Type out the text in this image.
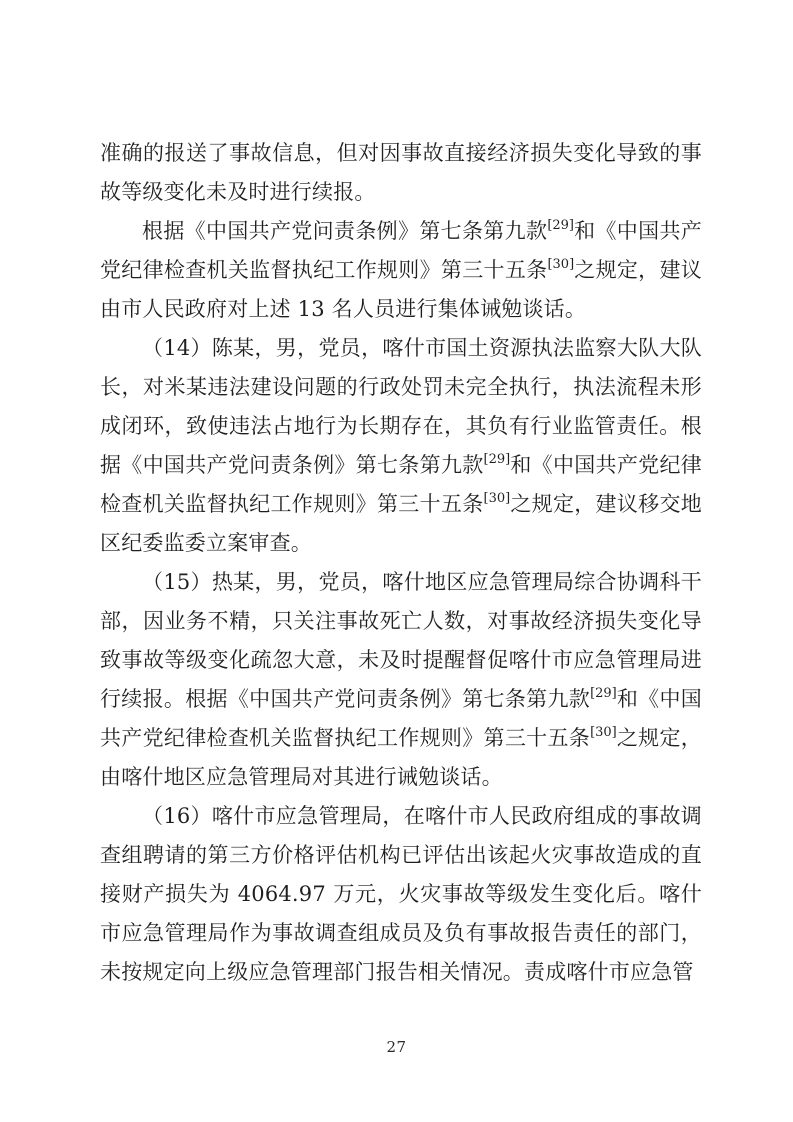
准确的报送了事故信息，但对因事故直接经济损失变化导致的事故等级变化未及时进行续报。

根据《中国共产党问责条例》第七条第九款[29]和《中国共产党纪律检查机关监督执纪工作规则》第三十五条[30]之规定，建议由市人民政府对上述 13 名人员进行集体诫勉谈话。

（14）陈某，男，党员，喀什市国土资源执法监察大队大队长，对米某违法建设问题的行政处罚未完全执行，执法流程未形成闭环，致使违法占地行为长期存在，其负有行业监管责任。根据《中国共产党问责条例》第七条第九款[29]和《中国共产党纪律检查机关监督执纪工作规则》第三十五条[30]之规定，建议移交地区纪委监委立案审查。

（15）热某，男，党员，喀什地区应急管理局综合协调科干部，因业务不精，只关注事故死亡人数，对事故经济损失变化导致事故等级变化疏忽大意，未及时提醒督促喀什市应急管理局进行续报。根据《中国共产党问责条例》第七条第九款[29]和《中国共产党纪律检查机关监督执纪工作规则》第三十五条[30]之规定，由喀什地区应急管理局对其进行诫勉谈话。

（16）喀什市应急管理局，在喀什市人民政府组成的事故调查组聘请的第三方价格评估机构已评估出该起火灾事故造成的直接财产损失为 4064.97 万元，火灾事故等级发生变化后。喀什市应急管理局作为事故调查组成员及负有事故报告责任的部门，未按规定向上级应急管理部门报告相关情况。责成喀什市应急管

27
